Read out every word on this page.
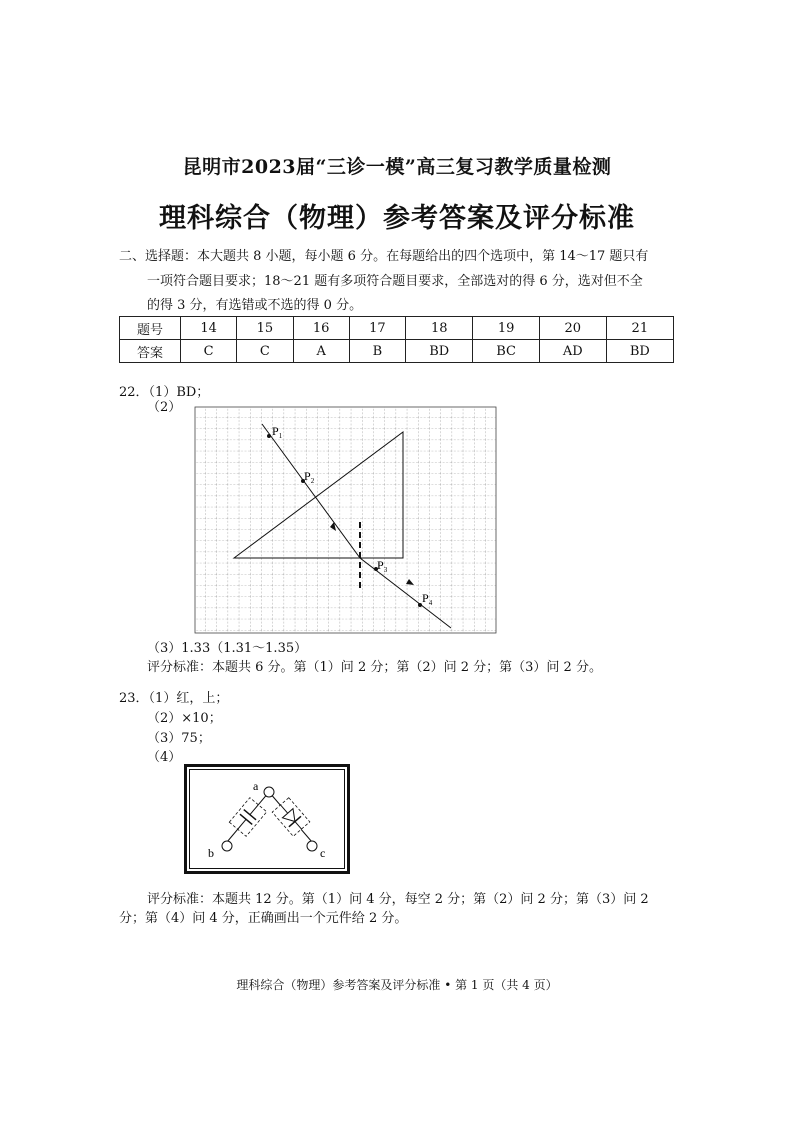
昆明市2023届“三诊一模”高三复习教学质量检测
理科综合（物理）参考答案及评分标准
二、选择题：本大题共 8 小题，每小题 6 分。在每题给出的四个选项中，第 14～17 题只有
一项符合题目要求；18～21 题有多项符合题目要求，全部选对的得 6 分，选对但不全
的得 3 分，有选错或不选的得 0 分。
题号	14	15	16	17	18	19	20	21
答案	C	C	A	B	BD	BC	AD	BD
22．（1）BD；
（2）
$P_1$
$P_2$
$P_3$
$P_4$
（3）1.33（1.31～1.35）
评分标准：本题共 6 分。第（1）问 2 分；第（2）问 2 分；第（3）问 2 分。
23．（1）红，上；
（2）×10；
（3）75；
（4）
a
b	c
评分标准：本题共 12 分。第（1）问 4 分，每空 2 分；第（2）问 2 分；第（3）问 2
分；第（4）问 4 分，正确画出一个元件给 2 分。
理科综合（物理）参考答案及评分标准 • 第 1 页（共 4 页）
